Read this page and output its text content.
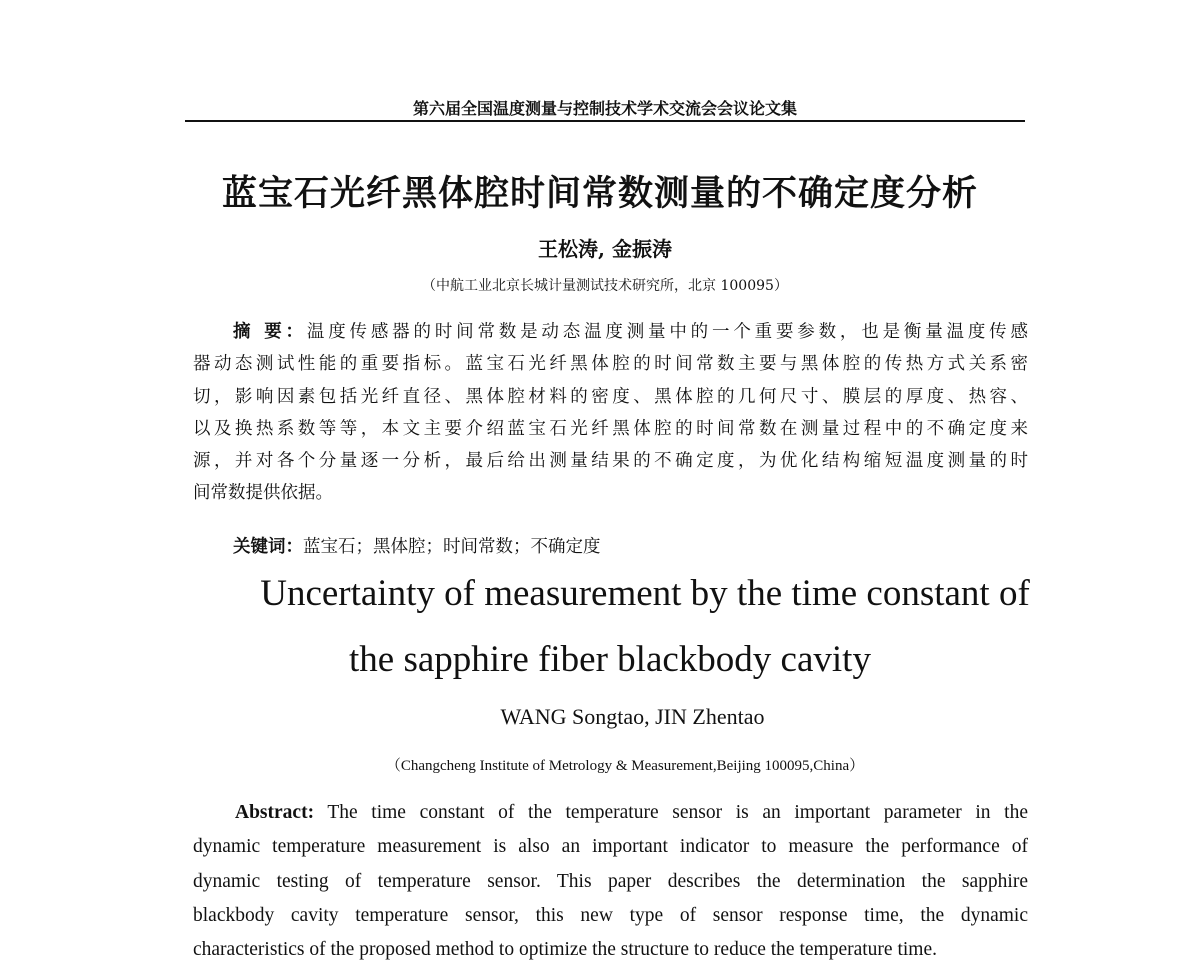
第六届全国温度测量与控制技术学术交流会会议论文集
蓝宝石光纤黑体腔时间常数测量的不确定度分析
王松涛, 金振涛
（中航工业北京长城计量测试技术研究所，北京 100095）
摘 要：温度传感器的时间常数是动态温度测量中的一个重要参数，也是衡量温度传感
器动态测试性能的重要指标。蓝宝石光纤黑体腔的时间常数主要与黑体腔的传热方式关系密
切，影响因素包括光纤直径、黑体腔材料的密度、黑体腔的几何尺寸、膜层的厚度、热容、
以及换热系数等等，本文主要介绍蓝宝石光纤黑体腔的时间常数在测量过程中的不确定度来
源，并对各个分量逐一分析，最后给出测量结果的不确定度，为优化结构缩短温度测量的时
间常数提供依据。
关键词：蓝宝石；黑体腔；时间常数；不确定度
Uncertainty of measurement by the time constant of
the sapphire fiber blackbody cavity
WANG Songtao, JIN Zhentao
（Changcheng Institute of Metrology & Measurement,Beijing 100095,China）
Abstract: The time constant of the temperature sensor is an important parameter in the
dynamic temperature measurement is also an important indicator to measure the performance of
dynamic testing of temperature sensor. This paper describes the determination the sapphire
blackbody cavity temperature sensor, this new type of sensor response time, the dynamic
characteristics of the proposed method to optimize the structure to reduce the temperature time.
